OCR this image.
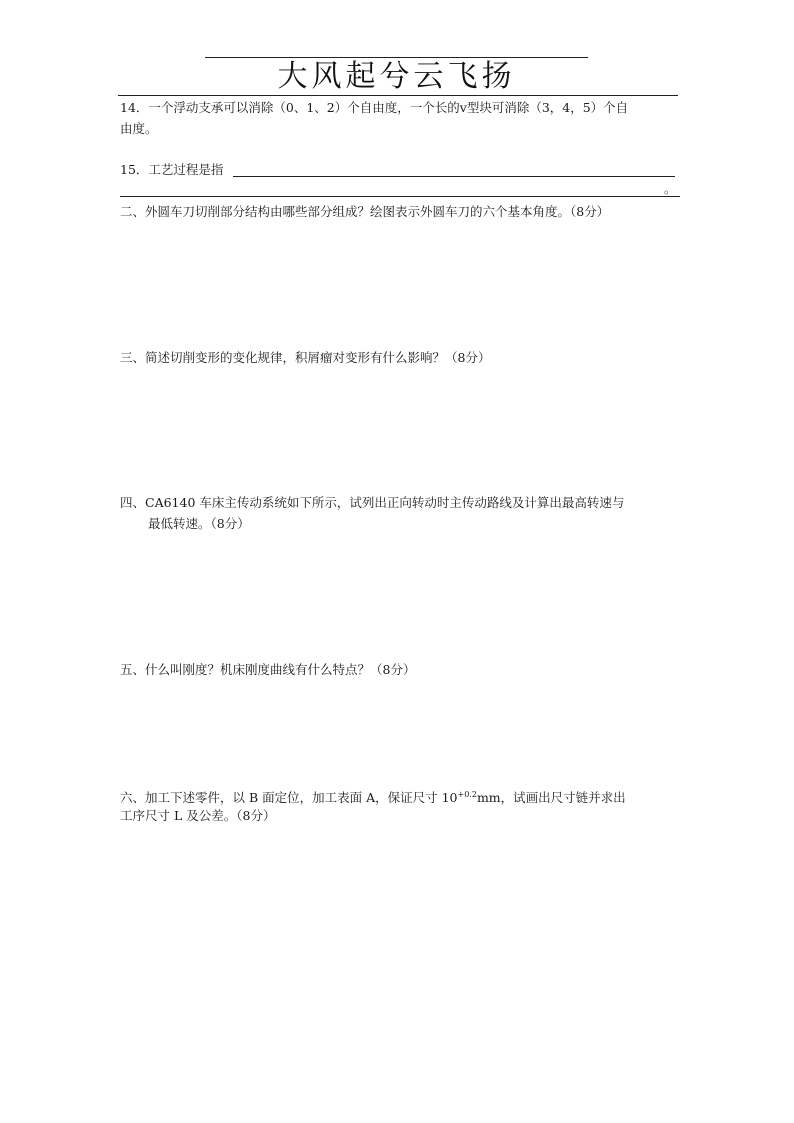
大风起兮云飞扬
14．一个浮动支承可以消除（0、1、2）个自由度，一个长的v型块可消除（3，4，5）个自
由度。
15．工艺过程是指
。
二、外圆车刀切削部分结构由哪些部分组成？绘图表示外圆车刀的六个基本角度。（8分）
三、简述切削变形的变化规律，积屑瘤对变形有什么影响？（8分）
四、CA6140 车床主传动系统如下所示，试列出正向转动时主传动路线及计算出最高转速与
最低转速。（8分）
五、什么叫刚度？机床刚度曲线有什么特点？（8分）
六、加工下述零件，以 B 面定位，加工表面 A，保证尺寸 $10^{+0.2}mm$，试画出尺寸链并求出
工序尺寸 L 及公差。（8分）
